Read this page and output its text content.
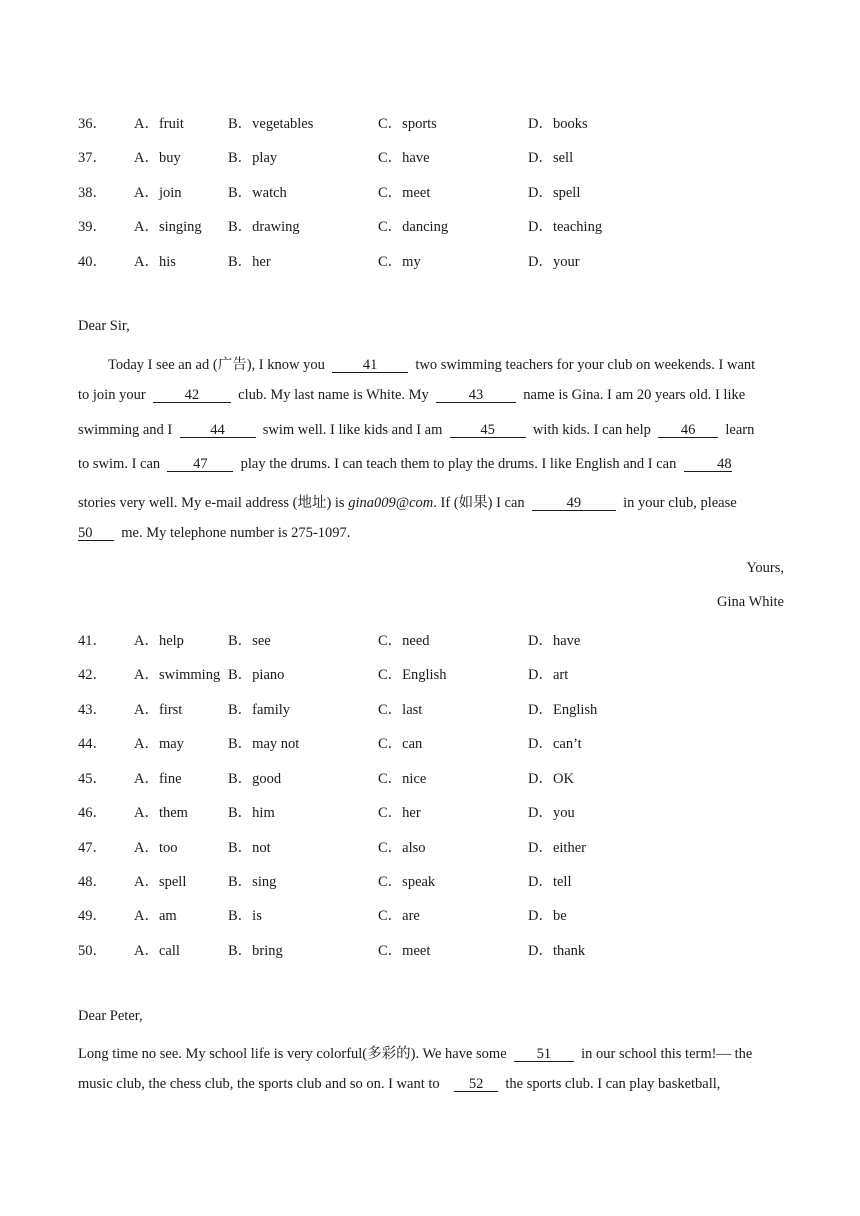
36． A．fruit	B．vegetables	C．sports	D．books
37． A．buy	B．play	C．have	D．sell
38． A．join	B．watch	C．meet	D．spell
39． A．singing B．drawing	C．dancing	D．teaching
40． A．his	B．her	C．my	D．your
Dear Sir,
Today I see an ad (广告), I know you	41	two swimming teachers for your club on weekends. I want
to join your	42	club. My last name is White. My	43	name is Gina. I am 20 years old. I like
swimming and I	44	swim well. I like kids and I am	45	with kids. I can help 46 learn
to swim. I can 47 play the drums. I can teach them to play the drums. I like English and I can	48
stories very well. My e-mail address (地址) is gina009@com. If (如果) I can	49	in your club, please
50 me. My telephone number is 275-1097.
Yours,
Gina White
41． A．help	B．see	C．need	D．have
42． A．swimming B．piano	C．English	D．art
43． A．first	B．family	C．last	D．English
44． A．may	B．may not	C．can	D．can’t
45． A．fine	B．good	C．nice	D．OK
46． A．them	B．him	C．her	D．you
47． A．too	B．not	C．also	D．either
48． A．spell	B．sing	C．speak	D．tell
49． A．am	B．is	C．are	D．be
50． A．call	B．bring	C．meet	D．thank
Dear Peter,
Long time no see. My school life is very colorful(多彩的). We have some 51 in our school this term!— the
music club, the chess club, the sports club and so on. I want to 52 the sports club. I can play basketball,
